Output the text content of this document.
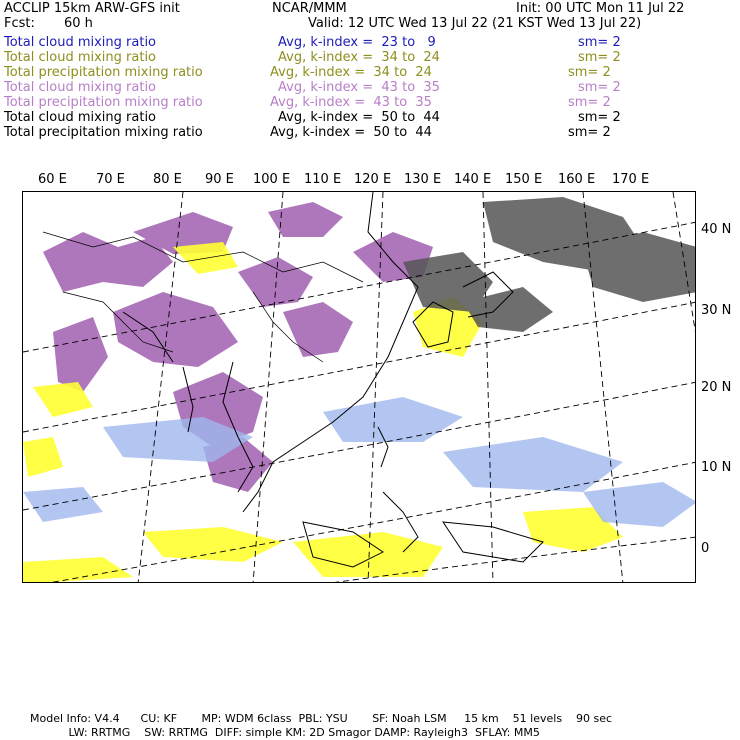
ACCLIP 15km ARW-GFS init	NCAR/MMM	Init: 00 UTC Mon 11 Jul 22
Fcst: 60 h	Valid: 12 UTC Wed 13 Jul 22 (21 KST Wed 13 Jul 22)
Total cloud mixing ratio	Avg, k-index =  23 to   9	sm= 2
Total cloud mixing ratio	Avg, k-index =  34 to  24	sm= 2
Total precipitation mixing ratio	Avg, k-index =  34 to  24	sm= 2
Total cloud mixing ratio	Avg, k-index =  43 to  35	sm= 2
Total precipitation mixing ratio	Avg, k-index =  43 to  35	sm= 2
Total cloud mixing ratio	Avg, k-index =  50 to  44	sm= 2
Total precipitation mixing ratio	Avg, k-index =  50 to  44	sm= 2
60 E 70 E 80 E 90 E 100 E 110 E 120 E 130 E 140 E 150 E 160 E 170 E
40 N
30 N
20 N
10 N
0
Model Info: V4.4      CU: KF       MP: WDM 6class  PBL: YSU       SF: Noah LSM     15 km    51 levels    90 sec
LW: RRTMG    SW: RRTMG  DIFF: simple KM: 2D Smagor DAMP: Rayleigh3  SFLAY: MM5
